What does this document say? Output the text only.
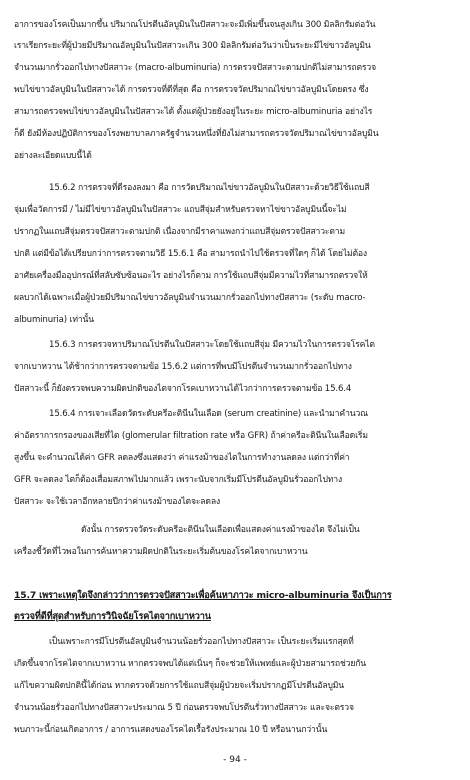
อาการของโรคเป็นมากขึ้น ปริมาณโปรตีนอัลบูมินในปัสสาวะจะมีเพิ่มขึ้นจนสูงเกิน 300 มิลลิกรัมต่อวัน
เราเรียกระยะที่ผู้ป่วยมีปริมาณอัลบูมินในปัสสาวะเกิน 300 มิลลิกรัมต่อวันว่าเป็นระยะมีไข่ขาวอัลบูมิน
จำนวนมากรั่วออกไปทางปัสสาวะ (macro-albuminuria) การตรวจปัสสาวะตามปกติไม่สามารถตรวจ
พบไข่ขาวอัลบูมินในปัสสาวะได้ การตรวจที่ดีที่สุด คือ การตรวจวัดปริมาณไข่ขาวอัลบูมินโดยตรง ซึ่ง
สามารถตรวจพบไข่ขาวอัลบูมินในปัสสาวะได้ ตั้งแต่ผู้ป่วยยังอยู่ในระยะ micro-albuminuria อย่างไร
ก็ดี ยังมีห้องปฏิบัติการของโรงพยาบาลภาครัฐจำนวนหนึ่งที่ยังไม่สามารถตรวจวัดปริมาณไข่ขาวอัลบูมิน
อย่างละเอียดแบบนี้ได้
15.6.2 การตรวจที่ดีรองลงมา คือ การวัดปริมาณไข่ขาวอัลบูมินในปัสสาวะด้วยวิธีใช้แถบสี
จุ่มเพื่อวัดการมี / ไม่มีไข่ขาวอัลบูมินในปัสสาวะ แถบสีจุ่มสำหรับตรวจหาไข่ขาวอัลบูมินนี้จะไม่
ปรากฏในแถบสีจุ่มตรวจปัสสาวะตามปกติ เนื่องจากมีราคาแพงกว่าแถบสีจุ่มตรวจปัสสาวะตาม
ปกติ แต่มีข้อได้เปรียบกว่าการตรวจตามวิธี 15.6.1 คือ สามารถนำไปใช้ตรวจที่ใดๆ ก็ได้ โดยไม่ต้อง
อาศัยเครื่องมืออุปกรณ์ที่สลับซับซ้อนอะไร อย่างไรก็ตาม การใช้แถบสีจุ่มมีความไวที่สามารถตรวจให้
ผลบวกได้เฉพาะเมื่อผู้ป่วยมีปริมาณไข่ขาวอัลบูมินจำนวนมากรั่วออกไปทางปัสสาวะ (ระดับ macro-
albuminuria) เท่านั้น
15.6.3 การตรวจหาปริมาณโปรตีนในปัสสาวะโดยใช้แถบสีจุ่ม มีความไวในการตรวจโรคไต
จากเบาหวาน ได้ช้ากว่าการตรวจตามข้อ 15.6.2 แต่การที่พบมีโปรตีนจำนวนมากรั่วออกไปทาง
ปัสสาวะนี้ ก็ยังตรวจพบความผิดปกติของไตจากโรคเบาหวานได้ไวกว่าการตรวจตามข้อ 15.6.4
15.6.4 การเจาะเลือดวัดระดับครีอะตินีนในเลือด (serum creatinine) และนำมาคำนวณ
ค่าอัตราการกรองของเสียที่ไต (glomerular filtration rate หรือ GFR) ถ้าค่าครีอะตินีนในเลือดเริ่ม
สูงขึ้น จะคำนวณได้ค่า GFR ลดลงซึ่งแสดงว่า ค่าแรงม้าของไตในการทำงานลดลง แต่กว่าที่ค่า
GFR จะลดลง ไตก็ต้องเสื่อมสภาพไปมากแล้ว เพราะนับจากเริ่มมีโปรตีนอัลบูมินรั่วออกไปทาง
ปัสสาวะ จะใช้เวลาอีกหลายปีกว่าค่าแรงม้าของไตจะลดลง
ดังนั้น การตรวจวัดระดับครีอะตินีนในเลือดเพื่อแสดงค่าแรงม้าของไต จึงไม่เป็น
เครื่องชี้วัดที่ไวพอในการค้นหาความผิดปกติในระยะเริ่มต้นของโรคไตจากเบาหวาน
15.7 เพราะเหตุใดจึงกล่าวว่าการตรวจปัสสาวะเพื่อค้นหาภาวะ micro-albuminuria จึงเป็นการ
ตรวจที่ดีที่สุดสำหรับการวินิจฉัยโรคไตจากเบาหวาน
เป็นเพราะการมีโปรตีนอัลบูมินจำนวนน้อยรั่วออกไปทางปัสสาวะ เป็นระยะเริ่มแรกสุดที่
เกิดขึ้นจากโรคไตจากเบาหวาน หากตรวจพบได้แต่เนิ่นๆ ก็จะช่วยให้แพทย์และผู้ป่วยสามารถช่วยกัน
แก้ไขความผิดปกตินี้ได้ก่อน หากตรวจด้วยการใช้แถบสีจุ่มผู้ป่วยจะเริ่มปรากฏมีโปรตีนอัลบูมิน
จำนวนน้อยรั่วออกไปทางปัสสาวะประมาณ 5 ปี ก่อนตรวจพบโปรตีนรั่วทางปัสสาวะ และจะตรวจ
พบภาวะนี้ก่อนเกิดอาการ / อาการแสดงของโรคไตเรื้อรังประมาณ 10 ปี หรือนานกว่านั้น
- 94 -
